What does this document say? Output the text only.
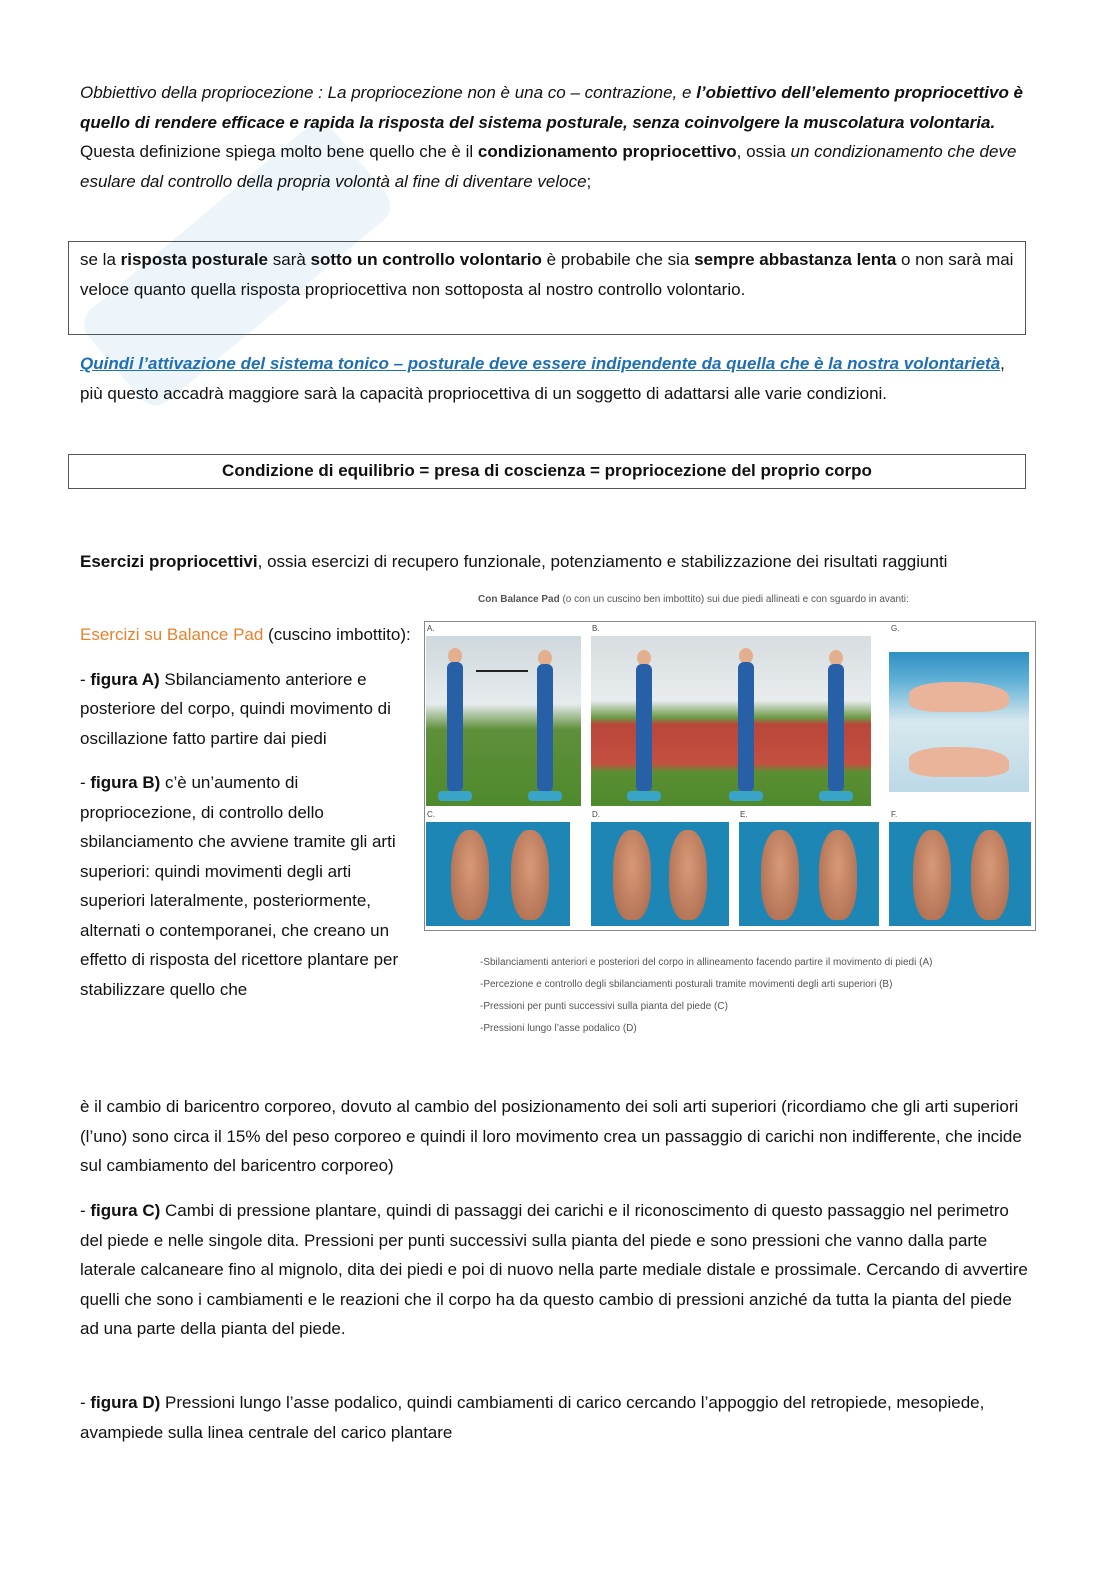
Obbiettivo della propriocezione : La propriocezione non è una co – contrazione, e l’obiettivo dell’elemento propriocettivo è quello di rendere efficace e rapida la risposta del sistema posturale, senza coinvolgere la muscolatura volontaria.

Questa definizione spiega molto bene quello che è il condizionamento propriocettivo, ossia un condizionamento che deve esulare dal controllo della propria volontà al fine di diventare veloce;

se la risposta posturale sarà sotto un controllo volontario è probabile che sia sempre abbastanza lenta o non sarà mai veloce quanto quella risposta propriocettiva non sottoposta al nostro controllo volontario.

Quindi l’attivazione del sistema tonico – posturale deve essere indipendente da quella che è la nostra volontarietà, più questo accadrà maggiore sarà la capacità propriocettiva di un soggetto di adattarsi alle varie condizioni.

Condizione di equilibrio = presa di coscienza = propriocezione del proprio corpo

Esercizi propriocettivi, ossia esercizi di recupero funzionale, potenziamento e stabilizzazione dei risultati raggiunti

Esercizi su Balance Pad (cuscino imbottito):

- figura A) Sbilanciamento anteriore e posteriore del corpo, quindi movimento di oscillazione fatto partire dai piedi

- figura B) c’è un’aumento di propriocezione, di controllo dello sbilanciamento che avviene tramite gli arti superiori: quindi movimenti degli arti superiori lateralmente, posteriormente, alternati o contemporanei, che creano un effetto di risposta del ricettore plantare per stabilizzare quello che

Con Balance Pad (o con un cuscino ben imbottito) sui due piedi allineati e con sguardo in avanti:
A.	B.	G.
C.	D.	E.	F.

-Sbilanciamenti anteriori e posteriori del corpo in allineamento facendo partire il movimento di piedi (A)

-Percezione e controllo degli sbilanciamenti posturali tramite movimenti degli arti superiori (B)

-Pressioni per punti successivi sulla pianta del piede (C)

-Pressioni lungo l’asse podalico (D)

è il cambio di baricentro corporeo, dovuto al cambio del posizionamento dei soli arti superiori (ricordiamo che gli arti superiori (l’uno) sono circa il 15% del peso corporeo e quindi il loro movimento crea un passaggio di carichi non indifferente, che incide sul cambiamento del baricentro corporeo)

- figura C) Cambi di pressione plantare, quindi di passaggi dei carichi e il riconoscimento di questo passaggio nel perimetro del piede e nelle singole dita. Pressioni per punti successivi sulla pianta del piede e sono pressioni che vanno dalla parte laterale calcaneare fino al mignolo, dita dei piedi e poi di nuovo nella parte mediale distale e prossimale. Cercando di avvertire quelli che sono i cambiamenti e le reazioni che il corpo ha da questo cambio di pressioni anziché da tutta la pianta del piede ad una parte della pianta del piede.

- figura D) Pressioni lungo l’asse podalico, quindi cambiamenti di carico cercando l’appoggio del retropiede, mesopiede, avampiede sulla linea centrale del carico plantare
